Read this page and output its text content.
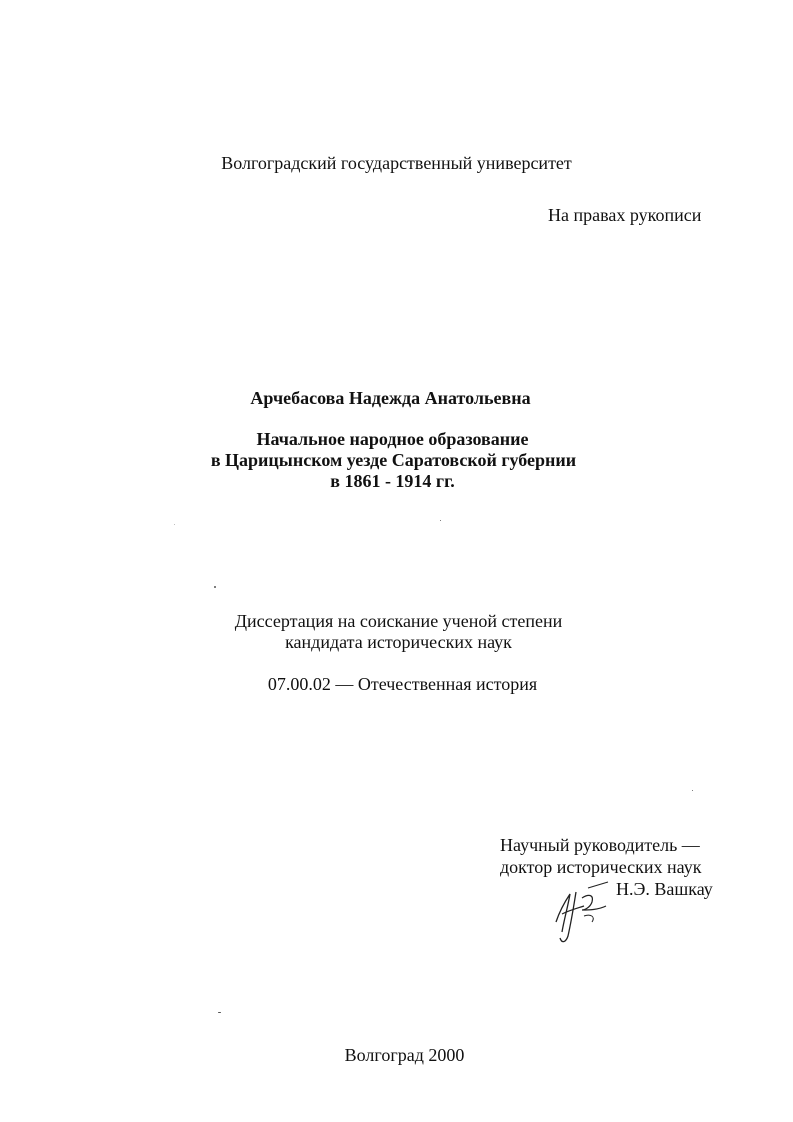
Волгоградский государственный университет
На правах рукописи
Арчебасова Надежда Анатольевна
Начальное народное образование
в Царицынском уезде Саратовской губернии
в 1861 - 1914 гг.
Диссертация на соискание ученой степени
кандидата исторических наук
07.00.02 — Отечественная история
Научный руководитель —
доктор исторических наук
Н.Э. Вашкау
Волгоград 2000
